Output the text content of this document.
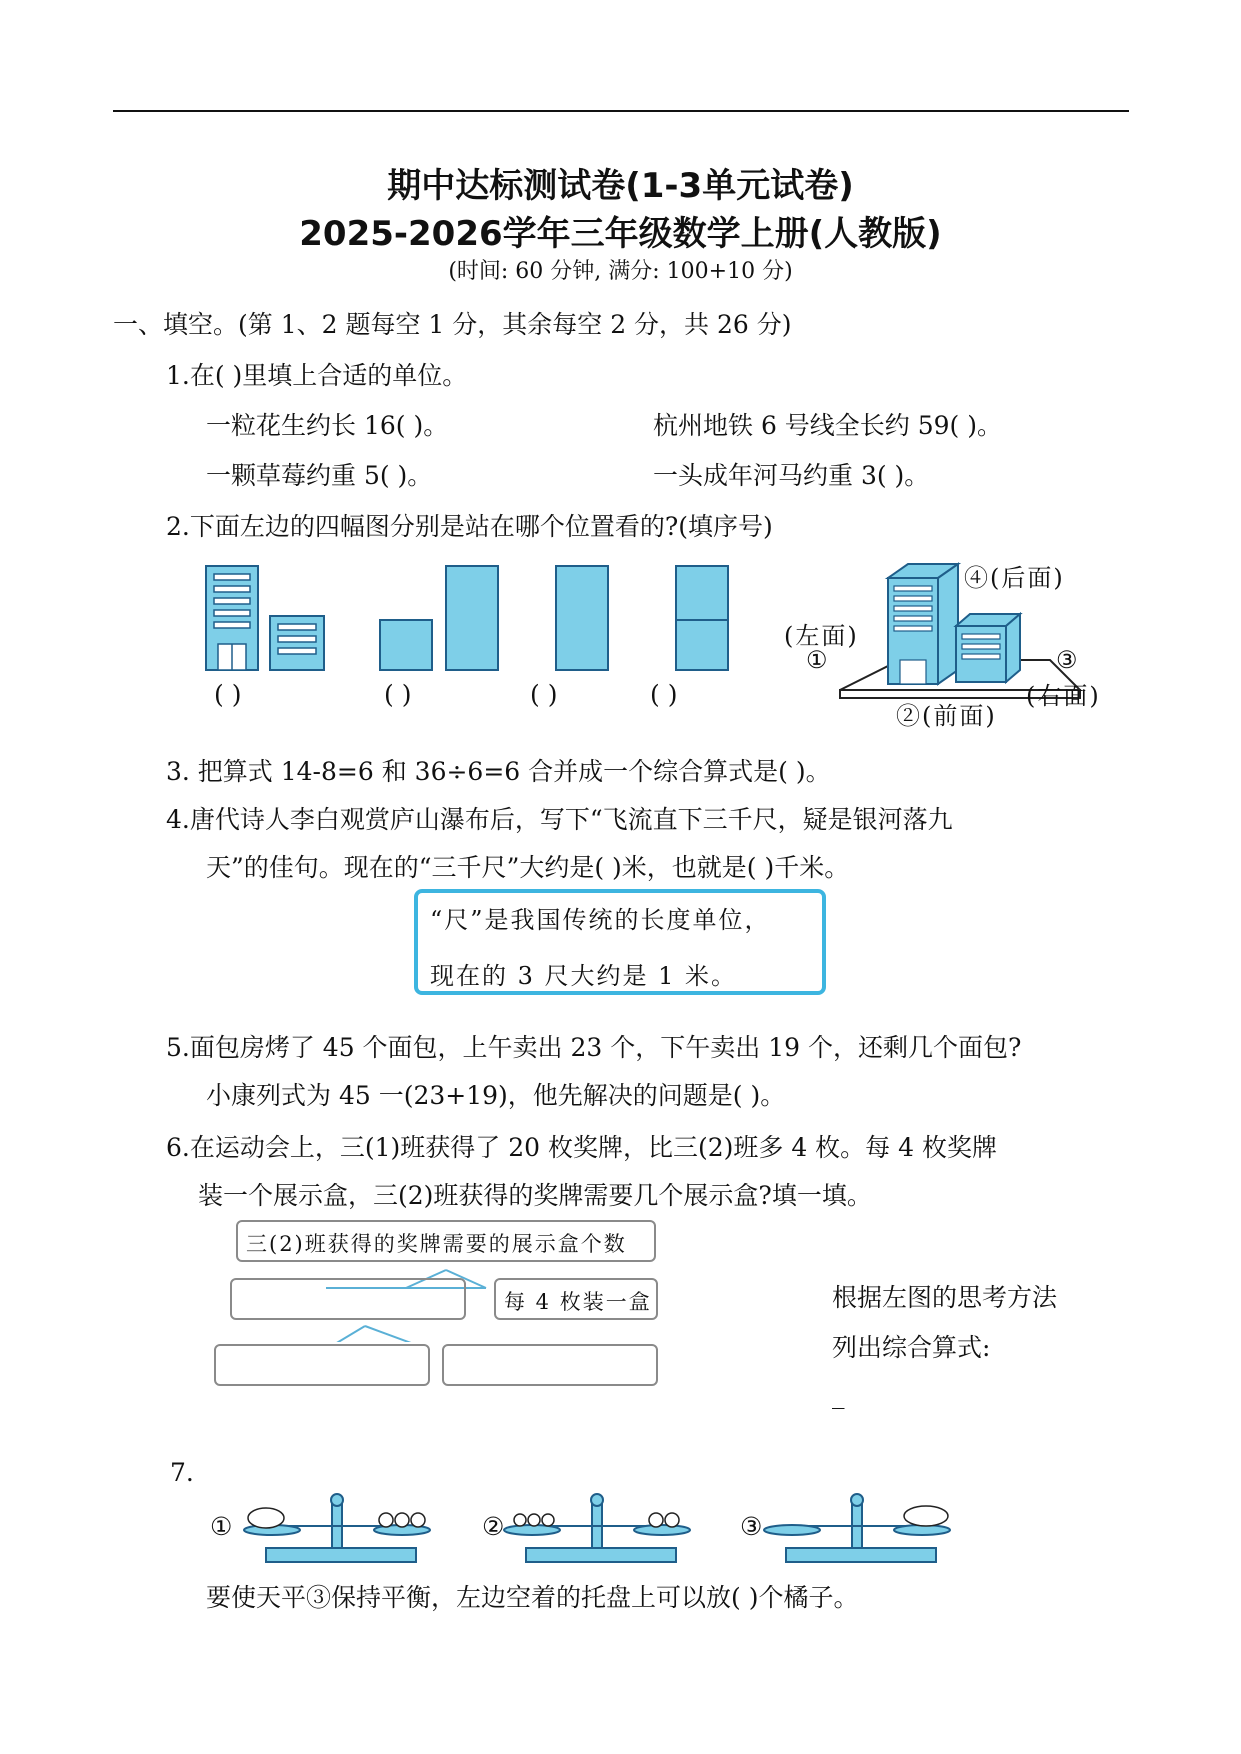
期中达标测试卷(1-3单元试卷)
2025-2026学年三年级数学上册(人教版)
(时间: 60 分钟, 满分: 100+10 分)
一、填空。(第 1、2 题每空 1 分，其余每空 2 分，共 26 分)
1.在( )里填上合适的单位。
一粒花生约长 16( )。	杭州地铁 6 号线全长约 59( )。
一颗草莓约重 5( )。	一头成年河马约重 3( )。
2.下面左边的四幅图分别是站在哪个位置看的?(填序号)
( )	( )	( )	( )
④(后面)
(左面)
①	③
(右面)
②(前面)
3. 把算式 14-8=6 和 36÷6=6 合并成一个综合算式是( )。
4.唐代诗人李白观赏庐山瀑布后，写下“飞流直下三千尺，疑是银河落九
天”的佳句。现在的“三千尺”大约是( )米，也就是( )千米。
“尺”是我国传统的长度单位，
现在的 3 尺大约是 1 米。
5.面包房烤了 45 个面包，上午卖出 23 个，下午卖出 19 个，还剩几个面包?
小康列式为 45 一(23+19)，他先解决的问题是( )。
6.在运动会上，三(1)班获得了 20 枚奖牌，比三(2)班多 4 枚。每 4 枚奖牌
装一个展示盒，三(2)班获得的奖牌需要几个展示盒?填一填。
三(2)班获得的奖牌需要的展示盒个数
每 4 枚装一盒	根据左图的思考方法
列出综合算式:
_
7.
①	②	③
要使天平③保持平衡，左边空着的托盘上可以放( )个橘子。
